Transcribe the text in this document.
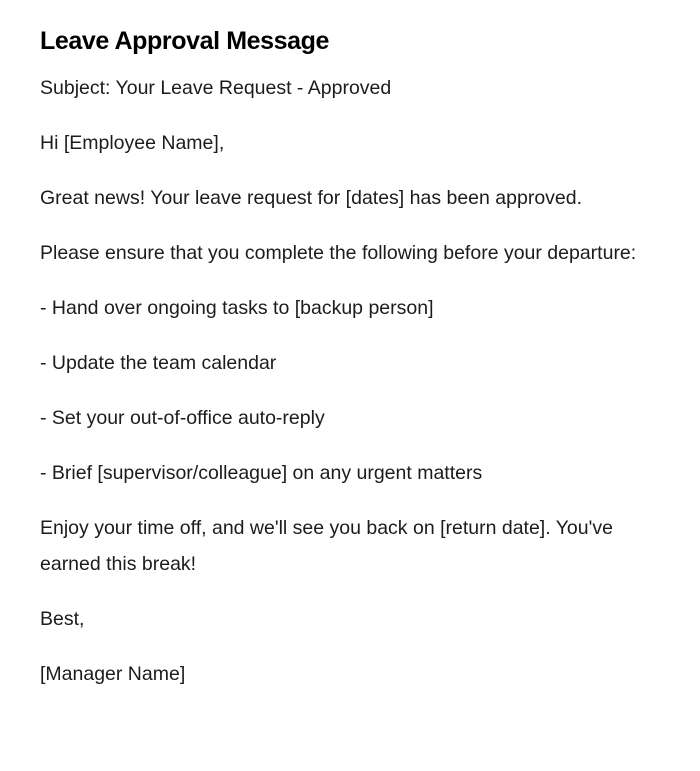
Leave Approval Message

Subject: Your Leave Request - Approved

Hi [Employee Name],

Great news! Your leave request for [dates] has been approved.

Please ensure that you complete the following before your departure:

- Hand over ongoing tasks to [backup person]

- Update the team calendar

- Set your out-of-office auto-reply

- Brief [supervisor/colleague] on any urgent matters

Enjoy your time off, and we'll see you back on [return date]. You've earned this break!

Best,

[Manager Name]
